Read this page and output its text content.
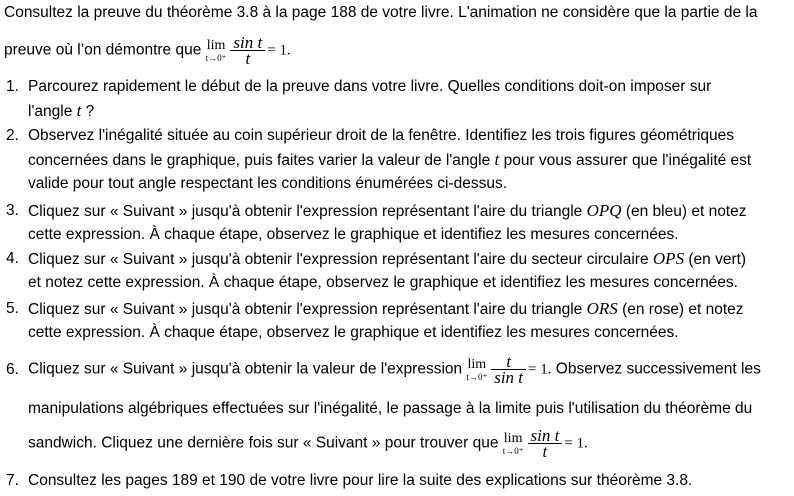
Consultez la preuve du théorème 3.8 à la page 188 de votre livre. L'animation ne considère que la partie de la
preuve où l’on démontre que lim
$t\to 0^+ \frac{\text{sin t}}{t} = 1$.
1. Parcourez rapidement le début de la preuve dans votre livre. Quelles conditions doit-on imposer sur
l'angle t ?
2. Observez l'inégalité située au coin supérieur droit de la fenêtre. Identifiez les trois figures géométriques
concernées dans le graphique, puis faites varier la valeur de l'angle t pour vous assurer que l'inégalité est
valide pour tout angle respectant les conditions énumérées ci-dessus.
3. Cliquez sur « Suivant » jusqu'à obtenir l'expression représentant l'aire du triangle OPQ (en bleu) et notez
cette expression. À chaque étape, observez le graphique et identifiez les mesures concernées.
4. Cliquez sur « Suivant » jusqu'à obtenir l'expression représentant l'aire du secteur circulaire OPS (en vert)
et notez cette expression. À chaque étape, observez le graphique et identifiez les mesures concernées.
5. Cliquez sur « Suivant » jusqu'à obtenir l'expression représentant l'aire du triangle ORS (en rose) et notez
cette expression. À chaque étape, observez le graphique et identifiez les mesures concernées.
6. Cliquez sur « Suivant » jusqu'à obtenir la valeur de l'expression lim
$t\to 0^+ \frac{t}{\text{sin t}} = 1$. Observez successivement les
manipulations algébriques effectuées sur l'inégalité, le passage à la limite puis l'utilisation du théorème du
sandwich. Cliquez une dernière fois sur « Suivant » pour trouver que lim
$t\to 0^+ \frac{\text{sin t}}{t} = 1$.
7. Consultez les pages 189 et 190 de votre livre pour lire la suite des explications sur théorème 3.8.
